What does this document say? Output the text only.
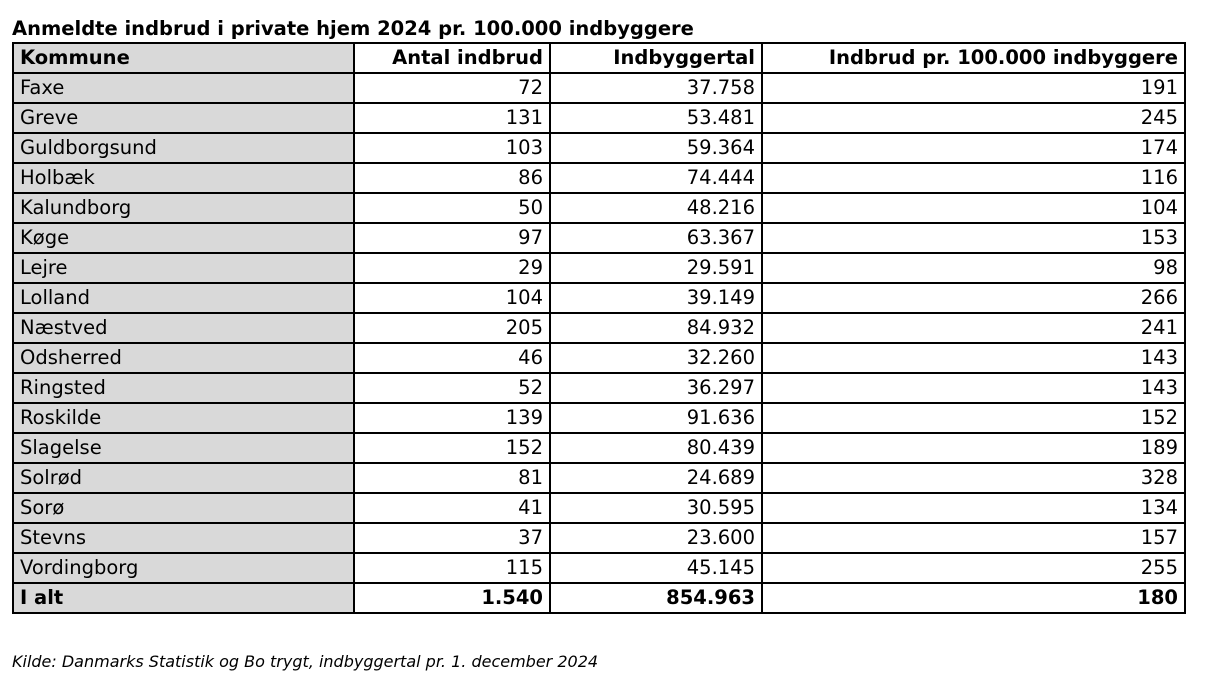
Anmeldte indbrud i private hjem 2024 pr. 100.000 indbyggere
Kommune	Antal indbrud	Indbyggertal	Indbrud pr. 100.000 indbyggere
Faxe	72	37.758	191
Greve	131	53.481	245
Guldborgsund	103	59.364	174
Holbæk	86	74.444	116
Kalundborg	50	48.216	104
Køge	97	63.367	153
Lejre	29	29.591	98
Lolland	104	39.149	266
Næstved	205	84.932	241
Odsherred	46	32.260	143
Ringsted	52	36.297	143
Roskilde	139	91.636	152
Slagelse	152	80.439	189
Solrød	81	24.689	328
Sorø	41	30.595	134
Stevns	37	23.600	157
Vordingborg	115	45.145	255
I alt	1.540	854.963	180
Kilde: Danmarks Statistik og Bo trygt, indbyggertal pr. 1. december 2024
